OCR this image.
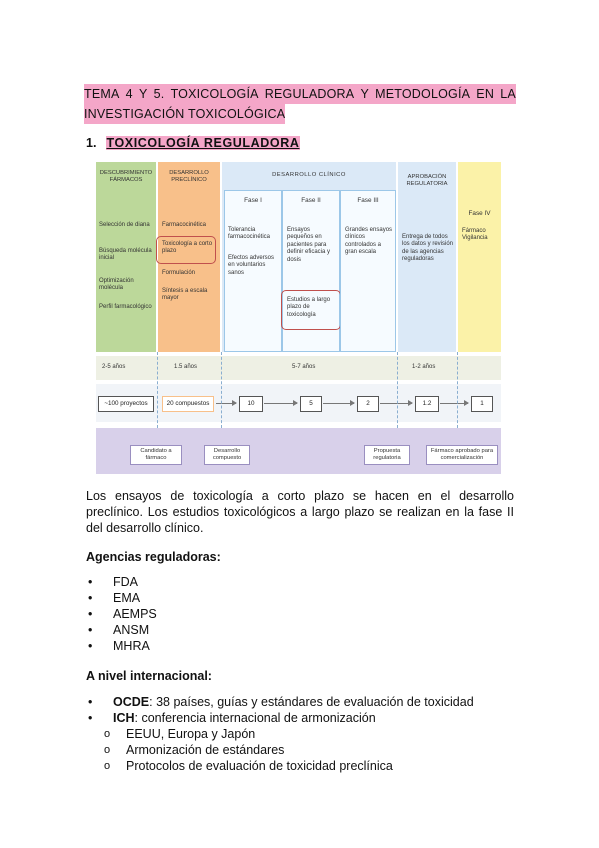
TEMA 4 Y 5. TOXICOLOGÍA REGULADORA Y METODOLOGÍA EN LA
INVESTIGACIÓN TOXICOLÓGICA
1. TOXICOLOGÍA REGULADORA
DESCUBRIMIENTO FÁRMACOS
Selección de diana
Búsqueda molécula inicial
Optimización molécula
Perfil farmacológico
DESARROLLO PRECLÍNICO
Farmacocinética
Toxicología a corto plazo
Formulación
Síntesis a escala mayor
DESARROLLO CLÍNICO
Fase I
Tolerancia farmacocinética
Efectos adversos en voluntarios sanos
Fase II
Ensayos pequeños en pacientes para definir eficacia y dosis
Estudios a largo plazo de toxicología
Fase III
Grandes ensayos clínicos controlados a gran escala
APROBACIÓN REGULATORIA
Entrega de todos los datos y revisión de las agencias reguladoras
Fase IV
Fármaco Vigilancia
2-5 años	1.5 años	5-7 años	1-2 años
~100 proyectos	20 compuestos	10	5	2	1.2	1
Candidato a fármaco
Desarrollo compuesto
Propuesta regulatoria
Fármaco aprobado para comercialización
Los ensayos de toxicología a corto plazo se hacen en el desarrollo preclínico. Los estudios toxicológicos a largo plazo se realizan en la fase II del desarrollo clínico.
Agencias reguladoras:
• FDA
• EMA
• AEMPS
• ANSM
• MHRA
A nivel internacional:
• OCDE: 38 países, guías y estándares de evaluación de toxicidad
• ICH: conferencia internacional de armonización
o EEUU, Europa y Japón
o Armonización de estándares
o Protocolos de evaluación de toxicidad preclínica
